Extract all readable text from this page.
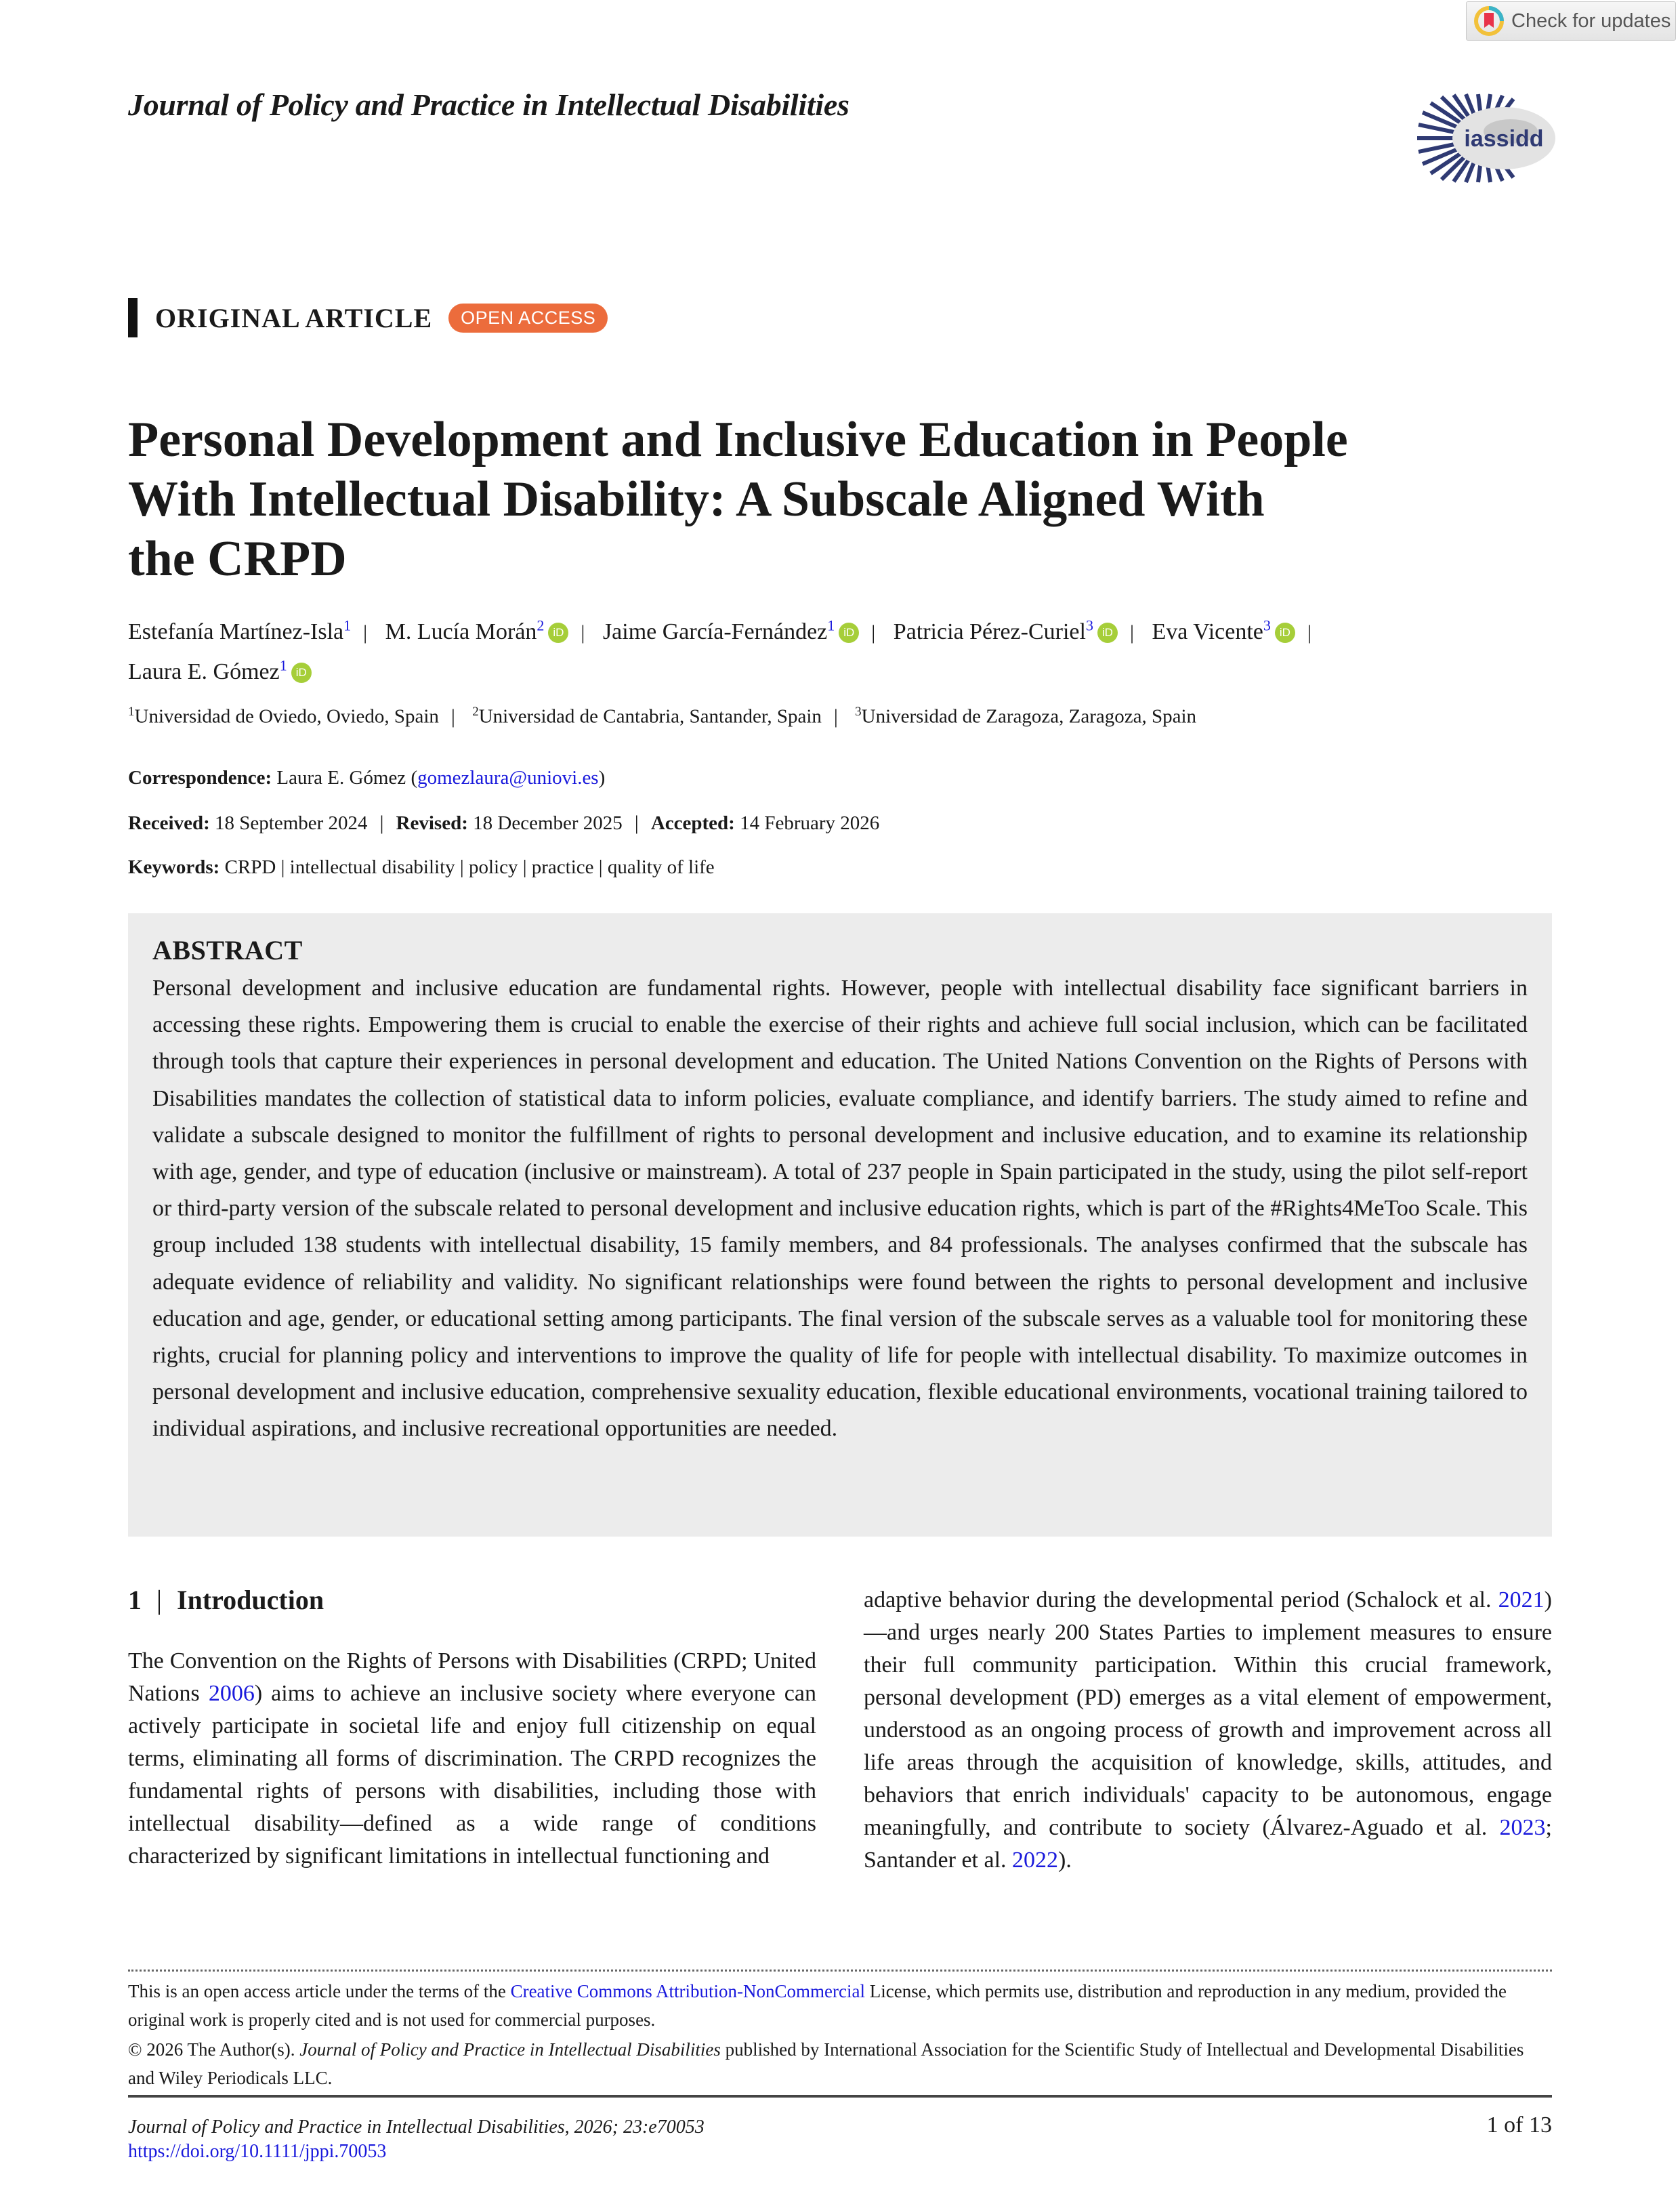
Check for updates
Journal of Policy and Practice in Intellectual Disabilities
iassidd
ORIGINAL ARTICLE	OPEN ACCESS
Personal Development and Inclusive Education in People
With Intellectual Disability: A Subscale Aligned With
the CRPD
Estefanía Martínez-Isla$^1$ | M. Lucía Morán$^2$ iD | Jaime García-Fernández$^1$ iD | Patricia Pérez-Curiel$^3$ iD | Eva Vicente$^3$ iD |
Laura E. Gómez$^1$ iD
$^1$Universidad de Oviedo, Oviedo, Spain | $^2$Universidad de Cantabria, Santander, Spain | $^3$Universidad de Zaragoza, Zaragoza, Spain
Correspondence: Laura E. Gómez (gomezlaura@uniovi.es)
Received: 18 September 2024 | Revised: 18 December 2025 | Accepted: 14 February 2026
Keywords: CRPD | intellectual disability | policy | practice | quality of life
ABSTRACT

Personal development and inclusive education are fundamental rights. However, people with intellectual disability face significant barriers in accessing these rights. Empowering them is crucial to enable the exercise of their rights and achieve full social inclusion, which can be facilitated through tools that capture their experiences in personal development and education. The United Nations Convention on the Rights of Persons with Disabilities mandates the collection of statistical data to inform policies, evaluate compliance, and identify barriers. The study aimed to refine and validate a subscale designed to monitor the fulfillment of rights to personal development and inclusive education, and to examine its relationship with age, gender, and type of education (inclusive or mainstream). A total of 237 people in Spain participated in the study, using the pilot self-report or third-party version of the subscale related to personal development and inclusive education rights, which is part of the #Rights4MeToo Scale. This group included 138 students with intellectual disability, 15 family members, and 84 professionals. The analyses confirmed that the subscale has adequate evidence of reliability and validity. No significant relationships were found between the rights to personal development and inclusive education and age, gender, or educational setting among participants. The final version of the subscale serves as a valuable tool for monitoring these rights, crucial for planning policy and interventions to improve the quality of life for people with intellectual disability. To maximize outcomes in personal development and inclusive education, comprehensive sexuality education, flexible educational environments, vocational training tailored to individual aspirations, and inclusive recreational opportunities are needed.

1 | Introduction

The Convention on the Rights of Persons with Disabilities (CRPD; United Nations 2006) aims to achieve an inclusive society where everyone can actively participate in societal life and enjoy full citizenship on equal terms, eliminating all forms of discrimination. The CRPD recognizes the fundamental rights of persons with disabilities, including those with intellectual disability—defined as a wide range of conditions characterized by significant limitations in intellectual functioning and

adaptive behavior during the developmental period (Schalock et al. 2021)—and urges nearly 200 States Parties to implement measures to ensure their full community participation. Within this crucial framework, personal development (PD) emerges as a vital element of empowerment, understood as an ongoing process of growth and improvement across all life areas through the acquisition of knowledge, skills, attitudes, and behaviors that enrich individuals' capacity to be autonomous, engage meaningfully, and contribute to society (Álvarez-Aguado et al. 2023; Santander et al. 2022).

This is an open access article under the terms of the Creative Commons Attribution-NonCommercial License, which permits use, distribution and reproduction in any medium, provided the original work is properly cited and is not used for commercial purposes.
© 2026 The Author(s). Journal of Policy and Practice in Intellectual Disabilities published by International Association for the Scientific Study of Intellectual and Developmental Disabilities and Wiley Periodicals LLC.
Journal of Policy and Practice in Intellectual Disabilities, 2026; 23:e70053
https://doi.org/10.1111/jppi.70053
1 of 13
